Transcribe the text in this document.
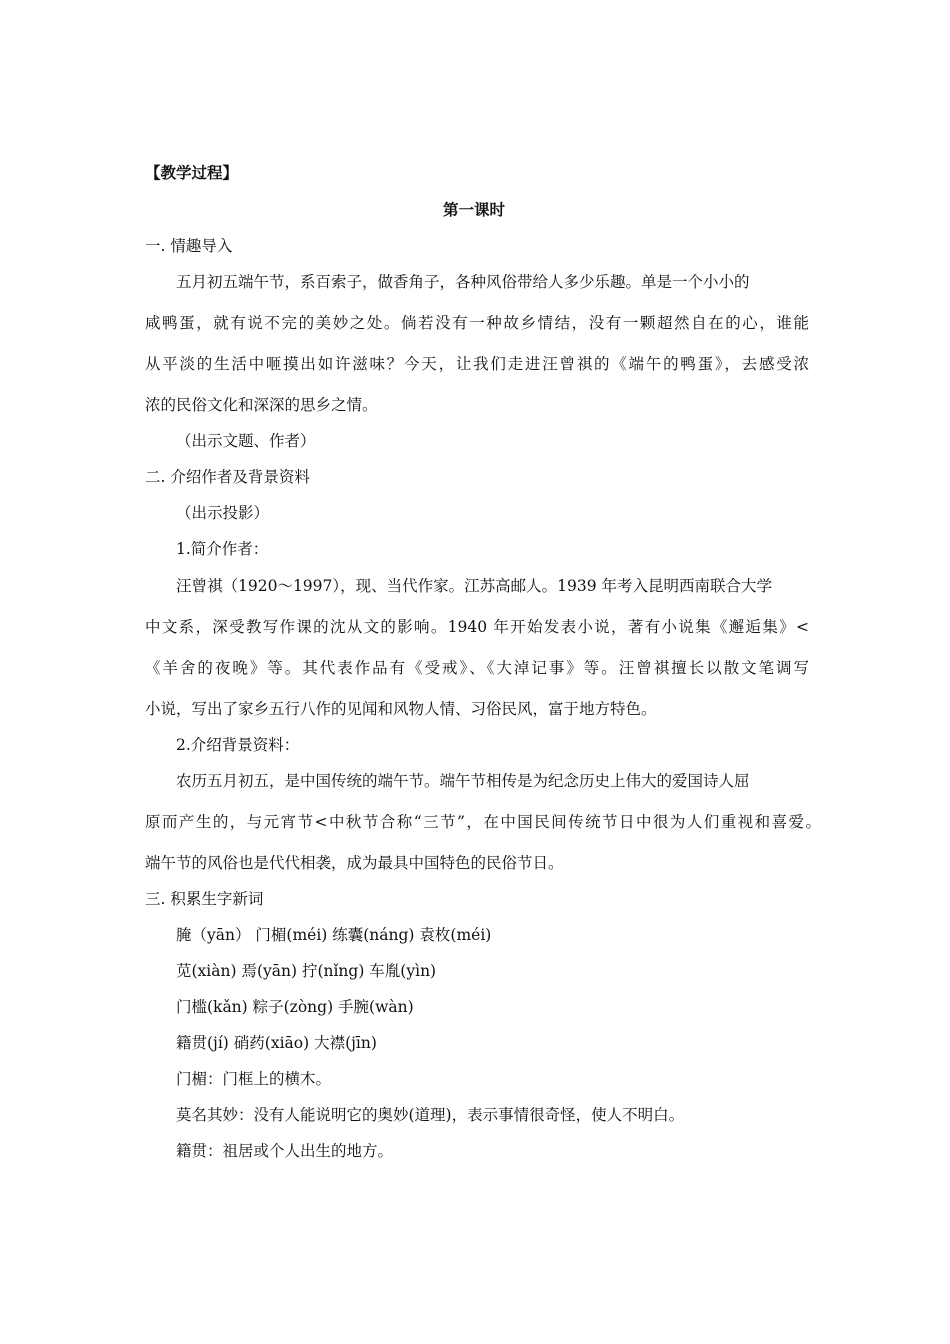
【教学过程】
第一课时
一. 情趣导入
五月初五端午节，系百索子，做香角子，各种风俗带给人多少乐趣。单是一个小小的
咸鸭蛋，就有说不完的美妙之处。倘若没有一种故乡情结，没有一颗超然自在的心，谁能
从平淡的生活中咂摸出如许滋味？今天，让我们走进汪曾祺的《端午的鸭蛋》，去感受浓
浓的民俗文化和深深的思乡之情。
（出示文题、作者）
二. 介绍作者及背景资料
（出示投影）
1.简介作者：
汪曾祺（1920～1997），现、当代作家。江苏高邮人。1939 年考入昆明西南联合大学
中文系，深受教写作课的沈从文的影响。1940 年开始发表小说，著有小说集《邂逅集》<
《羊舍的夜晚》等。其代表作品有《受戒》、《大淖记事》等。汪曾祺擅长以散文笔调写
小说，写出了家乡五行八作的见闻和风物人情、习俗民风，富于地方特色。
2.介绍背景资料：
农历五月初五，是中国传统的端午节。端午节相传是为纪念历史上伟大的爱国诗人屈
原而产生的，与元宵节<中秋节合称“三节”，在中国民间传统节日中很为人们重视和喜爱。
端午节的风俗也是代代相袭，成为最具中国特色的民俗节日。
三. 积累生字新词
腌（yān） 门楣(méi) 练囊(náng) 袁枚(méi)
苋(xiàn) 焉(yān) 拧(nǐng) 车胤(yìn)
门槛(kǎn) 粽子(zòng) 手腕(wàn)
籍贯(jí) 硝药(xiāo) 大襟(jīn)
门楣：门框上的横木。
莫名其妙：没有人能说明它的奥妙(道理)，表示事情很奇怪，使人不明白。
籍贯：祖居或个人出生的地方。
